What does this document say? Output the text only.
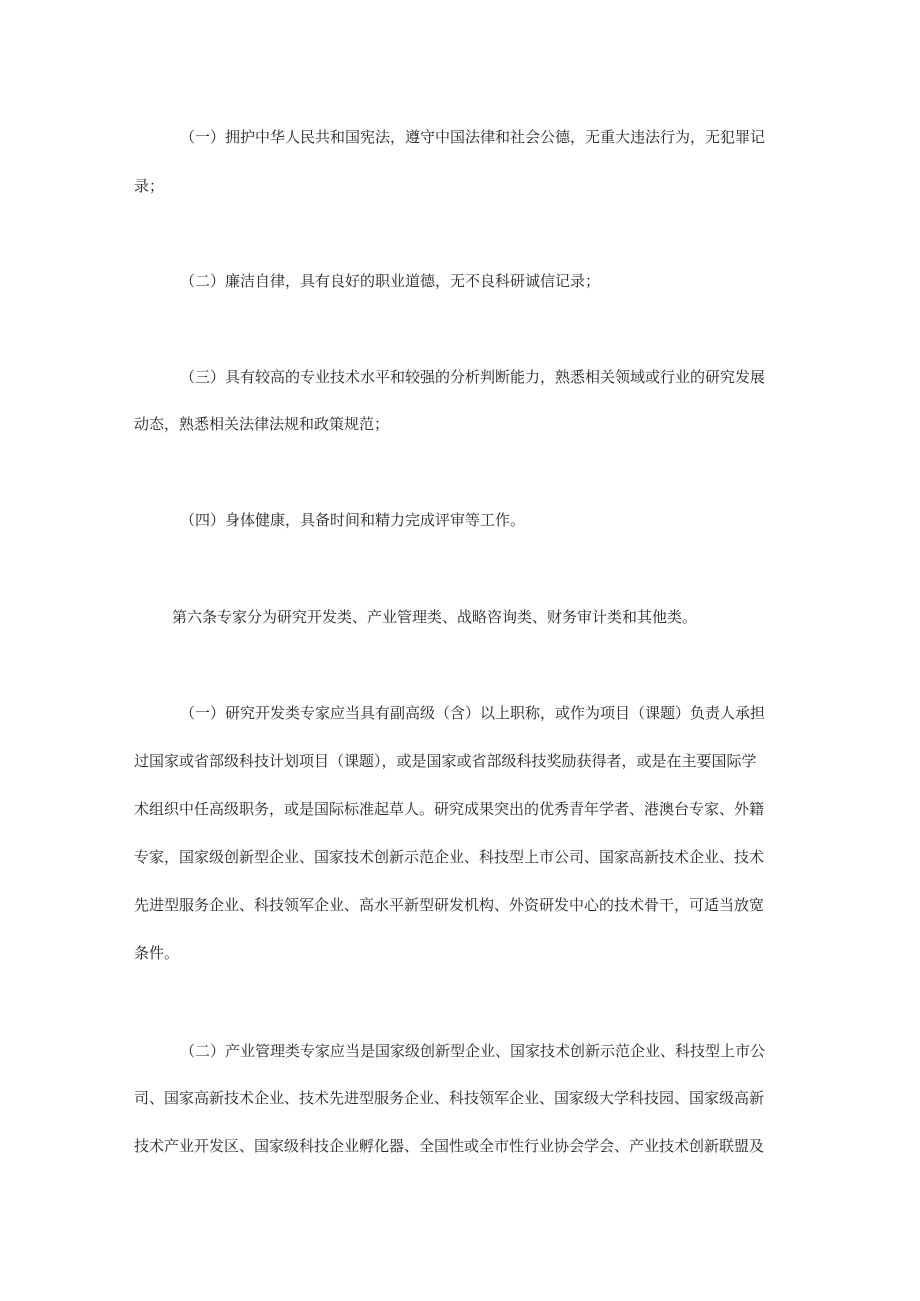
（一）拥护中华人民共和国宪法，遵守中国法律和社会公德，无重大违法行为，无犯罪记
录；
（二）廉洁自律，具有良好的职业道德，无不良科研诚信记录；
（三）具有较高的专业技术水平和较强的分析判断能力，熟悉相关领域或行业的研究发展
动态，熟悉相关法律法规和政策规范；
（四）身体健康，具备时间和精力完成评审等工作。
第六条专家分为研究开发类、产业管理类、战略咨询类、财务审计类和其他类。
（一）研究开发类专家应当具有副高级（含）以上职称，或作为项目（课题）负责人承担
过国家或省部级科技计划项目（课题），或是国家或省部级科技奖励获得者，或是在主要国际学
术组织中任高级职务，或是国际标准起草人。研究成果突出的优秀青年学者、港澳台专家、外籍
专家，国家级创新型企业、国家技术创新示范企业、科技型上市公司、国家高新技术企业、技术
先进型服务企业、科技领军企业、高水平新型研发机构、外资研发中心的技术骨干，可适当放宽
条件。
（二）产业管理类专家应当是国家级创新型企业、国家技术创新示范企业、科技型上市公
司、国家高新技术企业、技术先进型服务企业、科技领军企业、国家级大学科技园、国家级高新
技术产业开发区、国家级科技企业孵化器、全国性或全市性行业协会学会、产业技术创新联盟及
